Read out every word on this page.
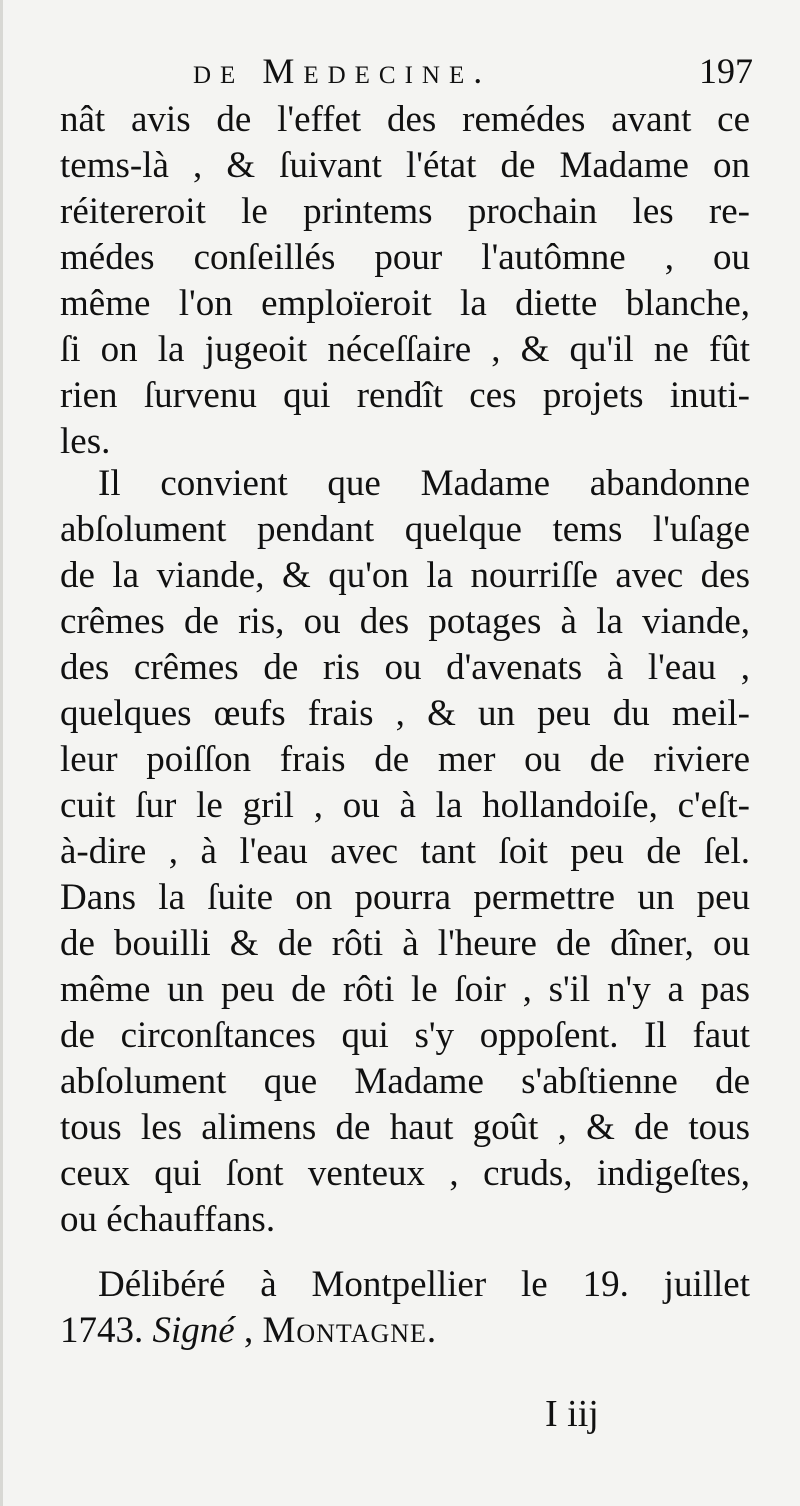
de Medecine.	197
nât avis de l'effet des remédes avant ce
tems-là , & ſuivant l'état de Madame on
réitereroit le printems prochain les re-
médes conſeillés pour l'autômne , ou
même l'on emploïeroit la diette blanche,
ſi on la jugeoit néceſſaire , & qu'il ne fût
rien ſurvenu qui rendît ces projets inuti-
les.
Il convient que Madame abandonne
abſolument pendant quelque tems l'uſage
de la viande, & qu'on la nourriſſe avec des
crêmes de ris, ou des potages à la viande,
des crêmes de ris ou d'avenats à l'eau ,
quelques œufs frais , & un peu du meil-
leur poiſſon frais de mer ou de riviere
cuit ſur le gril , ou à la hollandoiſe, c'eſt-
à-dire , à l'eau avec tant ſoit peu de ſel.
Dans la ſuite on pourra permettre un peu
de bouilli & de rôti à l'heure de dîner, ou
même un peu de rôti le ſoir , s'il n'y a pas
de circonſtances qui s'y oppoſent. Il faut
abſolument que Madame s'abſtienne de
tous les alimens de haut goût , & de tous
ceux qui ſont venteux , cruds, indigeſtes,
ou échauffans.
Délibéré à Montpellier le 19. juillet
1743. Signé , Montagne.
I iij
